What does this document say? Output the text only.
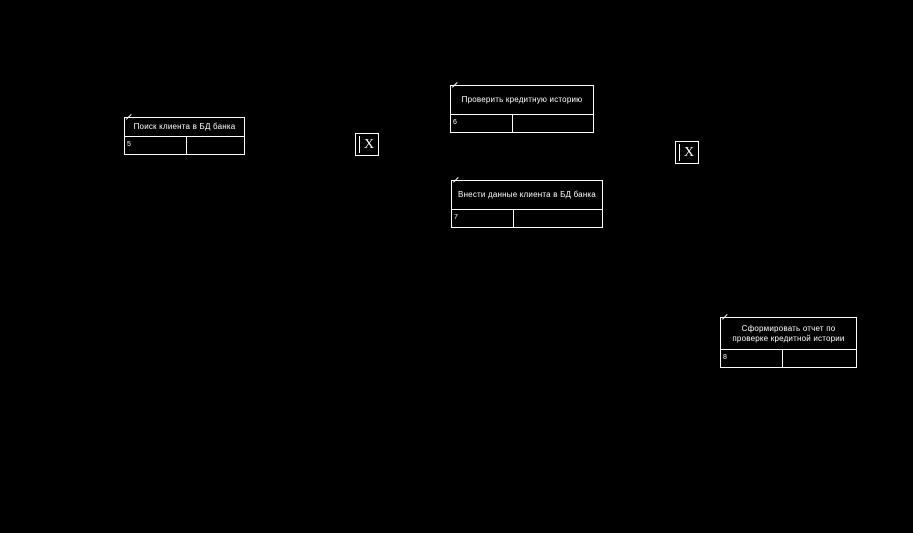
Поиск клиента в БД банка
5
Проверить кредитную историю
6
Внести данные клиента в БД банка
7
Сформировать отчет по проверке кредитной истории
8
X
X
